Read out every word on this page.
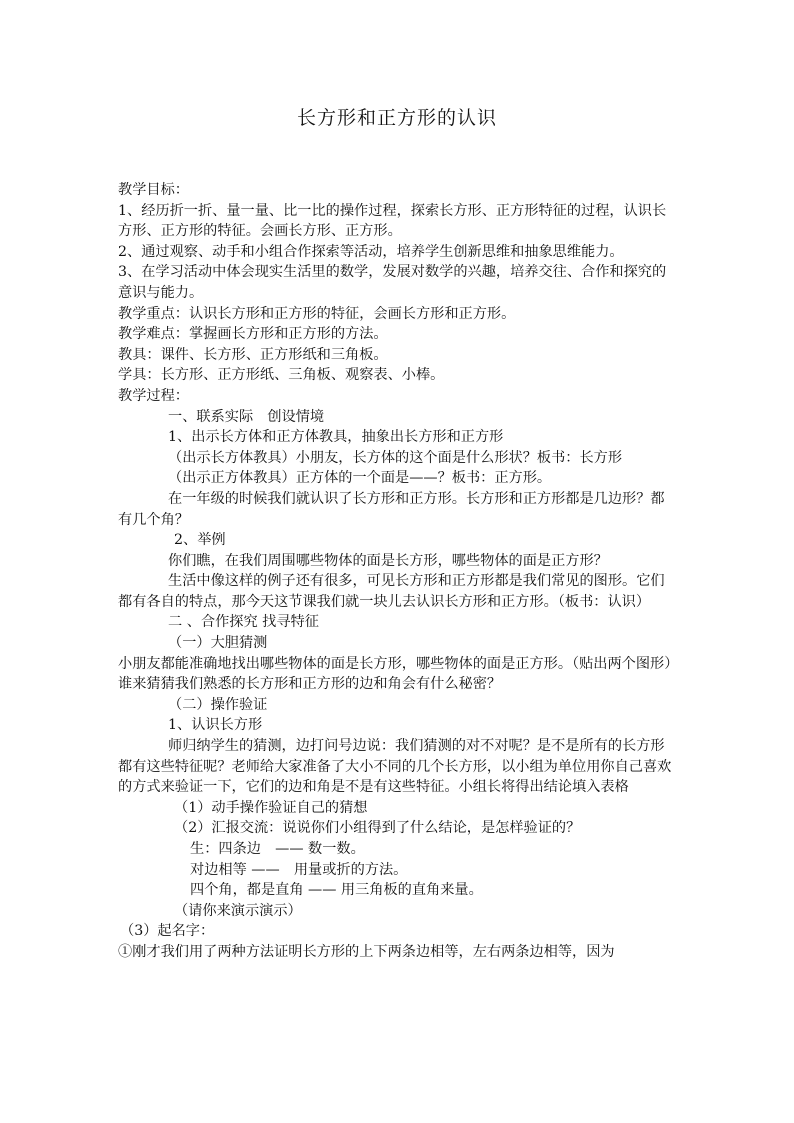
长方形和正方形的认识

教学目标：

1、经历折一折、量一量、比一比的操作过程，探索长方形、正方形特征的过程，认识长方形、正方形的特征。会画长方形、正方形。

2、通过观察、动手和小组合作探索等活动，培养学生创新思维和抽象思维能力。

3、在学习活动中体会现实生活里的数学，发展对数学的兴趣，培养交往、合作和探究的意识与能力。

教学重点：认识长方形和正方形的特征，会画长方形和正方形。

教学难点：掌握画长方形和正方形的方法。

教具：课件、长方形、正方形纸和三角板。

学具：长方形、正方形纸、三角板、观察表、小棒。

教学过程：

一、联系实际　创设情境

1、出示长方体和正方体教具，抽象出长方形和正方形

（出示长方体教具）小朋友，长方体的这个面是什么形状？板书：长方形

（出示正方体教具）正方体的一个面是——？板书：正方形。

在一年级的时候我们就认识了长方形和正方形。长方形和正方形都是几边形？都有几个角？

2、举例

你们瞧，在我们周围哪些物体的面是长方形，哪些物体的面是正方形？

生活中像这样的例子还有很多，可见长方形和正方形都是我们常见的图形。它们都有各自的特点，那今天这节课我们就一块儿去认识长方形和正方形。（板书：认识）

二 、合作探究 找寻特征

（一）大胆猜测

小朋友都能准确地找出哪些物体的面是长方形，哪些物体的面是正方形。（贴出两个图形）谁来猜猜我们熟悉的长方形和正方形的边和角会有什么秘密？

（二）操作验证

1、认识长方形

师归纳学生的猜测，边打问号边说：我们猜测的对不对呢？是不是所有的长方形都有这些特征呢？老师给大家准备了大小不同的几个长方形，以小组为单位用你自己喜欢的方式来验证一下，它们的边和角是不是有这些特征。小组长将得出结论填入表格

（1）动手操作验证自己的猜想

（2）汇报交流：说说你们小组得到了什么结论，是怎样验证的？

生：四条边　—— 数一数。

对边相等 ——　用量或折的方法。

四个角，都是直角 —— 用三角板的直角来量。

（请你来演示演示）

（3）起名字：

①刚才我们用了两种方法证明长方形的上下两条边相等，左右两条边相等，因为
